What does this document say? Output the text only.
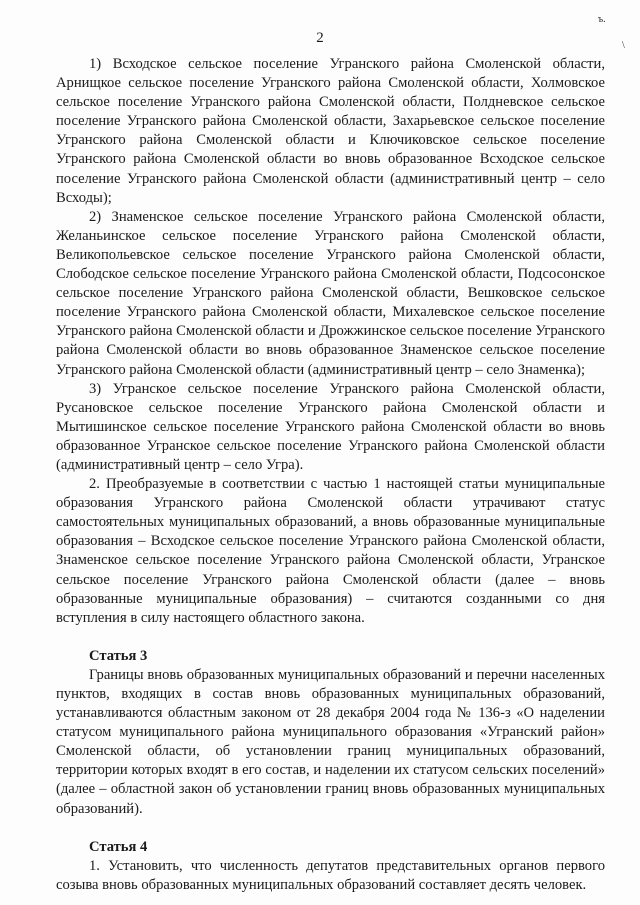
ъ.
\
2

1) Всходское сельское поселение Угранского района Смоленской области, Арнищкое сельское поселение Угранского района Смоленской области, Холмовское сельское поселение Угранского района Смоленской области, Полдневское сельское поселение Угранского района Смоленской области, Захарьевское сельское поселение Угранского района Смоленской области и Ключиковское сельское поселение Угранского района Смоленской области во вновь образованное Всходское сельское поселение Угранского района Смоленской области (административный центр – село Всходы);

2) Знаменское сельское поселение Угранского района Смоленской области, Желаньинское сельское поселение Угранского района Смоленской области, Великопольевское сельское поселение Угранского района Смоленской области, Слободское сельское поселение Угранского района Смоленской области, Подсосонское сельское поселение Угранского района Смоленской области, Вешковское сельское поселение Угранского района Смоленской области, Михалевское сельское поселение Угранского района Смоленской области и Дрожжинское сельское поселение Угранского района Смоленской области во вновь образованное Знаменское сельское поселение Угранского района Смоленской области (административный центр – село Знаменка);

3) Угранское сельское поселение Угранского района Смоленской области, Русановское сельское поселение Угранского района Смоленской области и Мытишинское сельское поселение Угранского района Смоленской области во вновь образованное Угранское сельское поселение Угранского района Смоленской области (административный центр – село Угра).

2. Преобразуемые в соответствии с частью 1 настоящей статьи муниципальные образования Угранского района Смоленской области утрачивают статус самостоятельных муниципальных образований, а вновь образованные муниципальные образования – Всходское сельское поселение Угранского района Смоленской области, Знаменское сельское поселение Угранского района Смоленской области, Угранское сельское поселение Угранского района Смоленской области (далее – вновь образованные муниципальные образования) – считаются созданными со дня вступления в силу настоящего областного закона.

Статья 3

Границы вновь образованных муниципальных образований и перечни населенных пунктов, входящих в состав вновь образованных муниципальных образований, устанавливаются областным законом от 28 декабря 2004 года № 136-з «О наделении статусом муниципального района муниципального образования «Угранский район» Смоленской области, об установлении границ муниципальных образований, территории которых входят в его состав, и наделении их статусом сельских поселений» (далее – областной закон об установлении границ вновь образованных муниципальных образований).

Статья 4

1. Установить, что численность депутатов представительных органов первого созыва вновь образованных муниципальных образований составляет десять человек.
